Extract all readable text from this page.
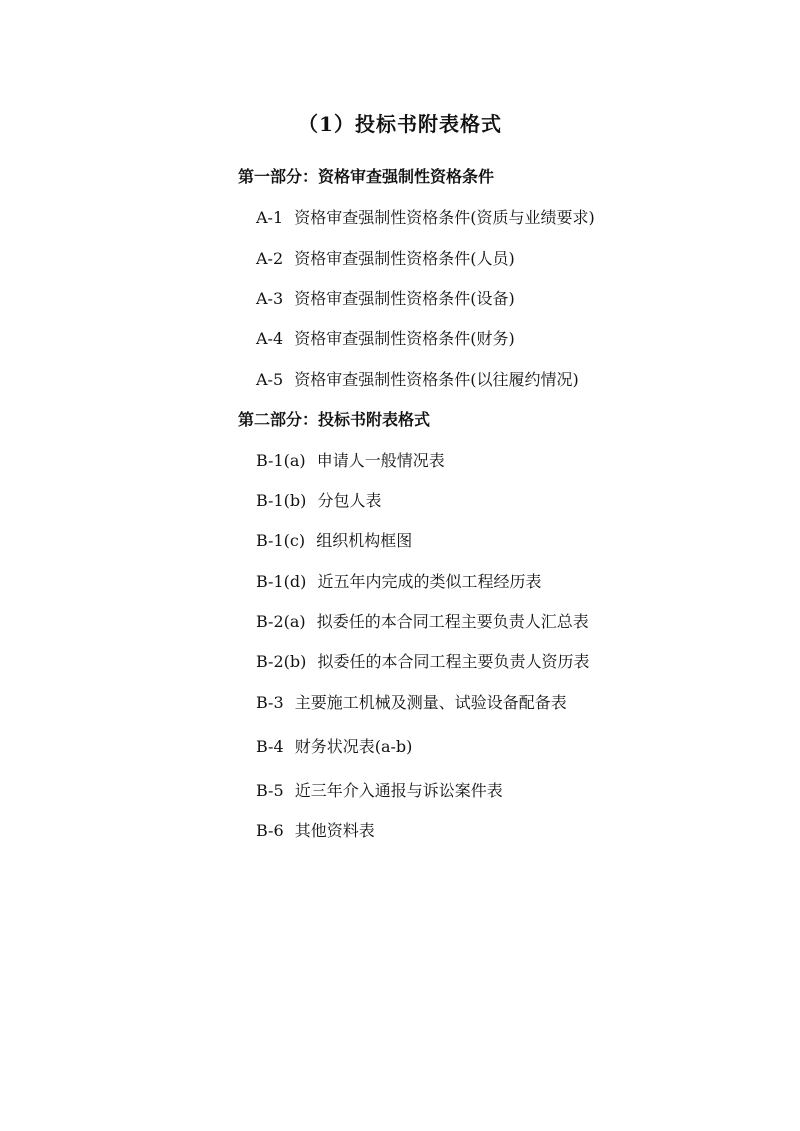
（1）投标书附表格式
第一部分：资格审查强制性资格条件
A-1 资格审查强制性资格条件(资质与业绩要求)
A-2 资格审查强制性资格条件(人员)
A-3 资格审查强制性资格条件(设备)
A-4 资格审查强制性资格条件(财务)
A-5 资格审查强制性资格条件(以往履约情况)
第二部分：投标书附表格式
B-1(a) 申请人一般情况表
B-1(b) 分包人表
B-1(c) 组织机构框图
B-1(d) 近五年内完成的类似工程经历表
B-2(a) 拟委任的本合同工程主要负责人汇总表
B-2(b) 拟委任的本合同工程主要负责人资历表
B-3 主要施工机械及测量、试验设备配备表
B-4 财务状况表(a-b)
B-5 近三年介入通报与诉讼案件表
B-6 其他资料表
